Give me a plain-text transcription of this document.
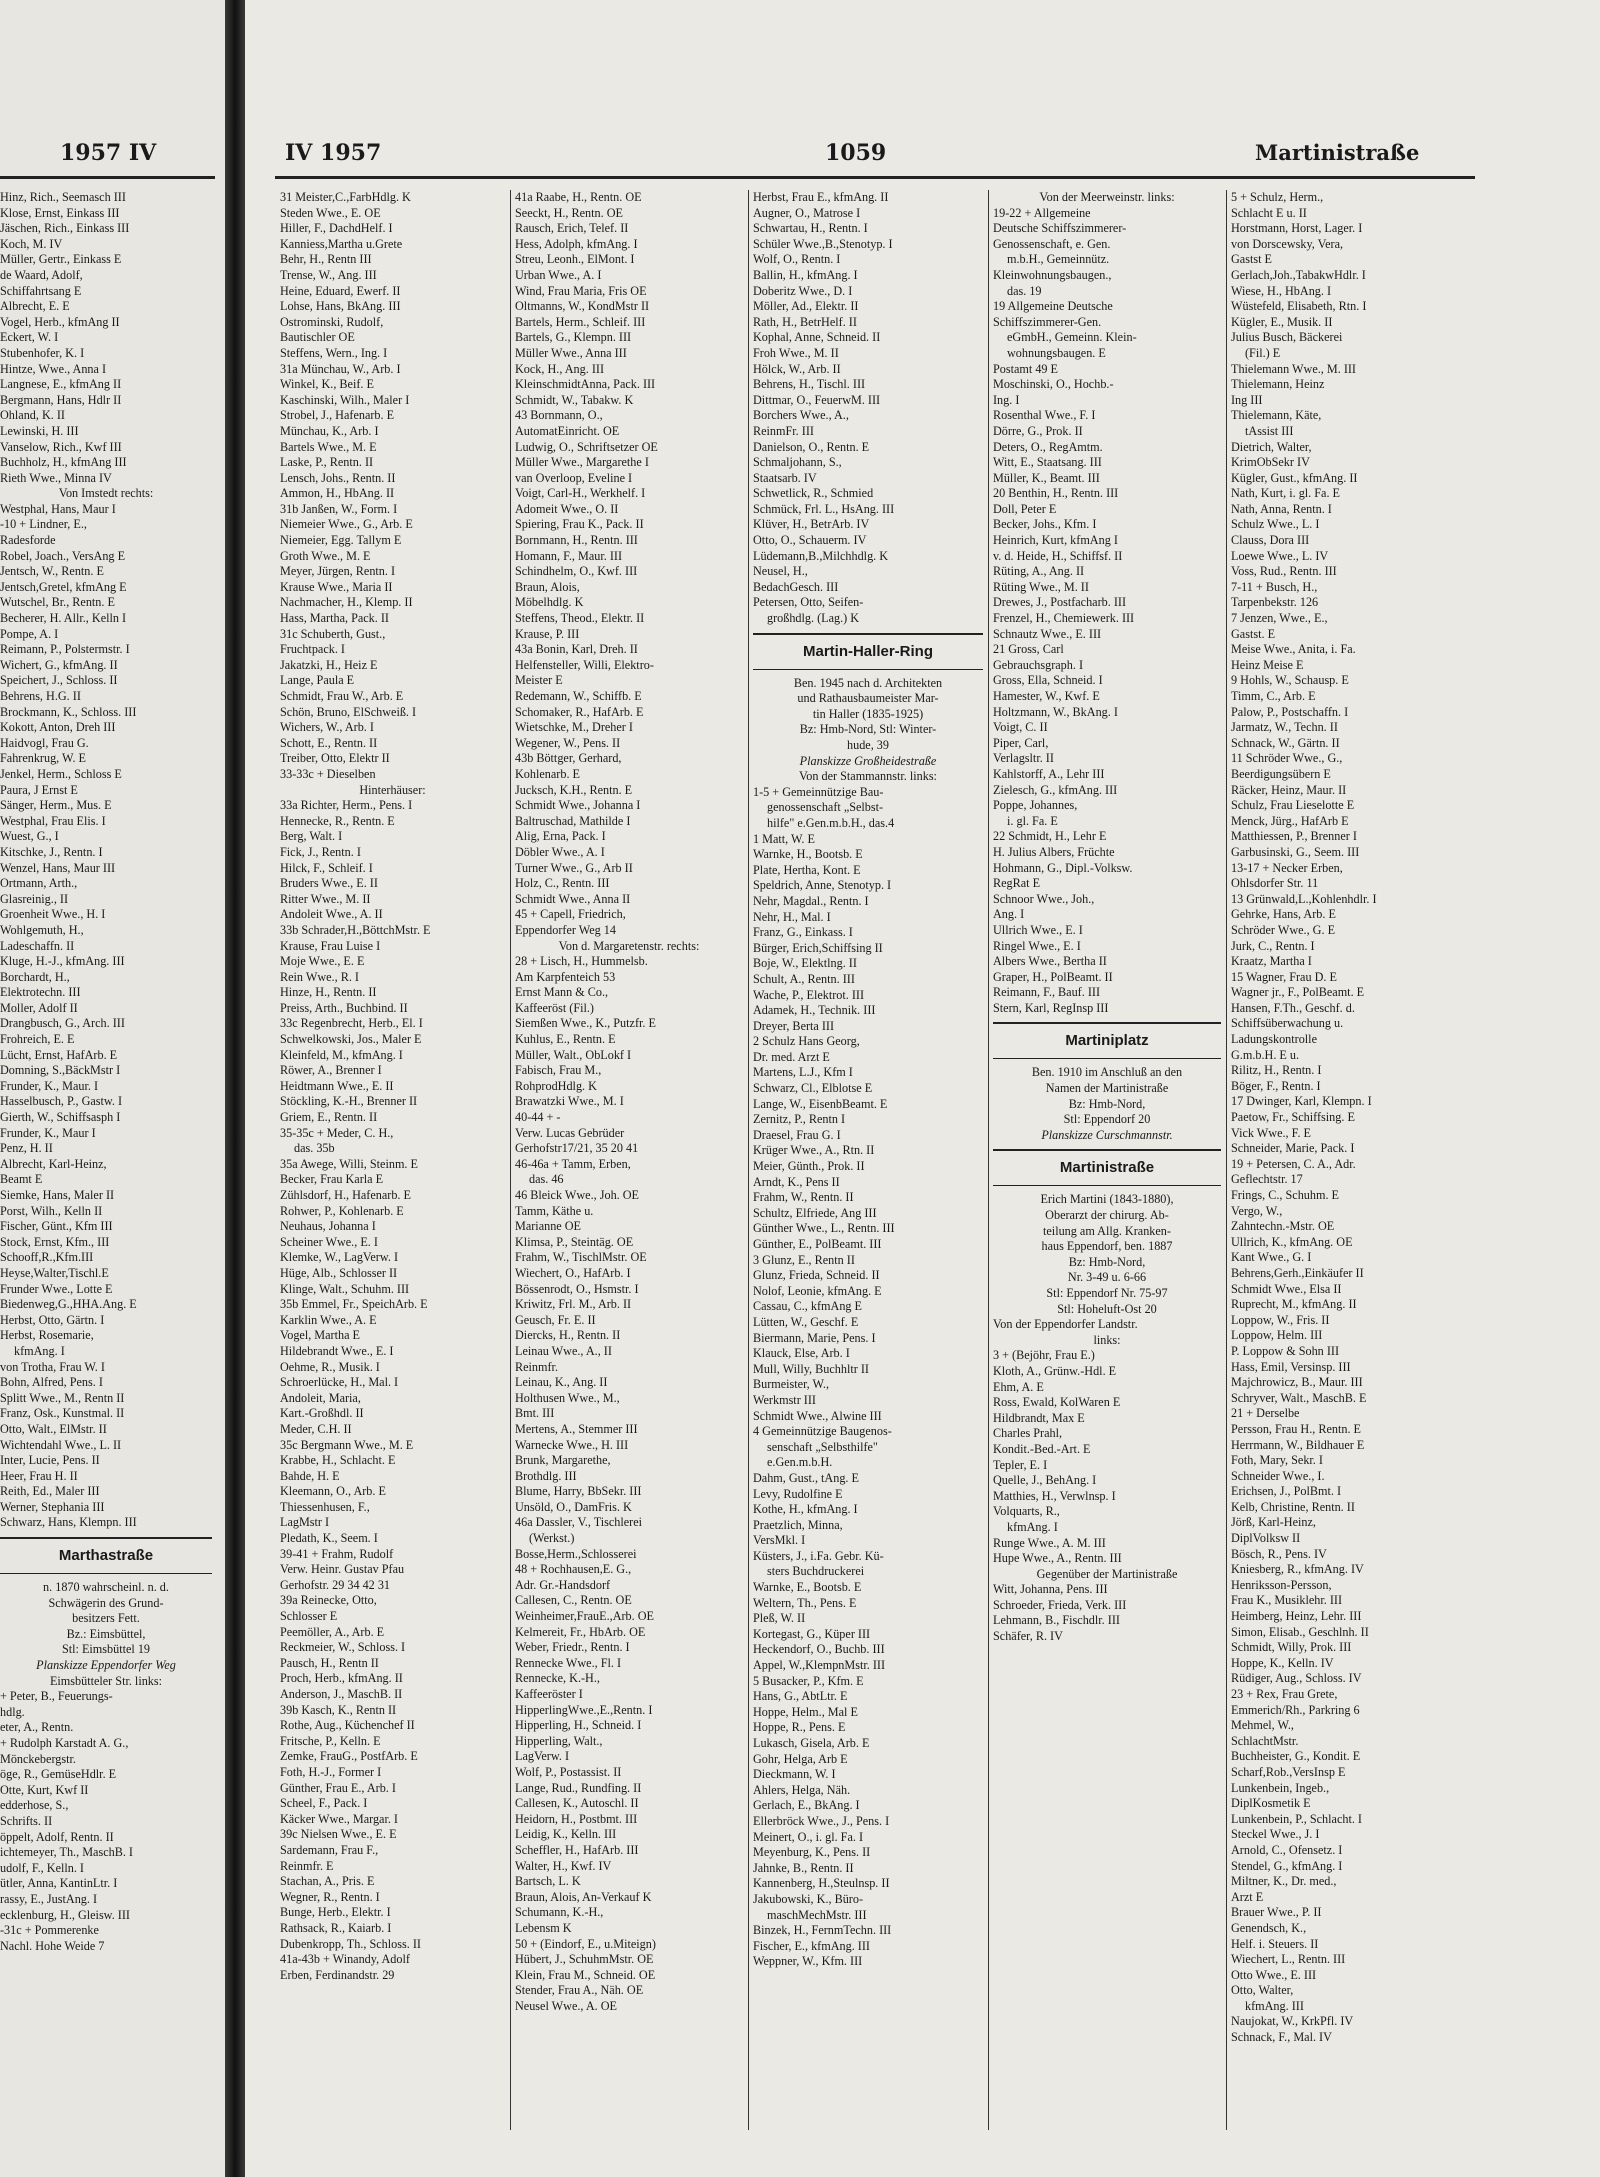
1957 IV
Hinz, Rich., Seemasch III
Klose, Ernst, Einkass III
Jäschen, Rich., Einkass III
Koch, M. IV
Müller, Gertr., Einkass E
de Waard, Adolf,
Schiffahrtsang E
Albrecht, E. E
Vogel, Herb., kfmAng II
Eckert, W. I
Stubenhofer, K. I
Hintze, Wwe., Anna I
Langnese, E., kfmAng II
Bergmann, Hans, Hdlr II
Ohland, K. II
Lewinski, H. III
Vanselow, Rich., Kwf III
Buchholz, H., kfmAng III
Rieth Wwe., Minna IV
Von Imstedt rechts:
Westphal, Hans, Maur I
-10 + Lindner, E.,
Radesforde
Robel, Joach., VersAng E
Jentsch, W., Rentn. E
Jentsch,Gretel, kfmAng E
Wutschel, Br., Rentn. E
Becherer, H. Allr., Kelln I
Pompe, A. I
Reimann, P., Polstermstr. I
Wichert, G., kfmAng. II
Speichert, J., Schloss. II
Behrens, H.G. II
Brockmann, K., Schloss. III
Kokott, Anton, Dreh III
Haidvogl, Frau G.
Fahrenkrug, W. E
Jenkel, Herm., Schloss E
Paura, J Ernst E
Sänger, Herm., Mus. E
Westphal, Frau Elis. I
Wuest, G., I
Kitschke, J., Rentn. I
Wenzel, Hans, Maur III
Ortmann, Arth.,
Glasreinig., II
Groenheit Wwe., H. I
Wohlgemuth, H.,
Ladeschaffn. II
Kluge, H.-J., kfmAng. III
Borchardt, H.,
Elektrotechn. III
Moller, Adolf II
Drangbusch, G., Arch. III
Frohreich, E. E
Lücht, Ernst, HafArb. E
Domning, S.,BäckMstr I
Frunder, K., Maur. I
Hasselbusch, P., Gastw. I
Gierth, W., Schiffsasph I
Frunder, K., Maur I
Penz, H. II
Albrecht, Karl-Heinz,
Beamt E
Siemke, Hans, Maler II
Porst, Wilh., Kelln II
Fischer, Günt., Kfm III
Stock, Ernst, Kfm., III
Schooff,R.,Kfm.III
Heyse,Walter,Tischl.E
Frunder Wwe., Lotte E
Biedenweg,G.,HHA.Ang. E
Herbst, Otto, Gärtn. I
Herbst, Rosemarie,
kfmAng. I
von Trotha, Frau W. I
Bohn, Alfred, Pens. I
Splitt Wwe., M., Rentn II
Franz, Osk., Kunstmal. II
Otto, Walt., ElMstr. II
Wichtendahl Wwe., L. II
Inter, Lucie, Pens. II
Heer, Frau H. II
Reith, Ed., Maler III
Werner, Stephania III
Schwarz, Hans, Klempn. III
Marthastraße
n. 1870 wahrscheinl. n. d.
Schwägerin des Grund-
besitzers Fett.
Bz.: Eimsbüttel,
Stl: Eimsbüttel 19
Planskizze Eppendorfer Weg
Eimsbütteler Str. links:
+ Peter, B., Feuerungs-
hdlg.
eter, A., Rentn.
+ Rudolph Karstadt A. G.,
Mönckebergstr.
öge, R., GemüseHdlr. E
Otte, Kurt, Kwf II
edderhose, S.,
Schrifts. II
öppelt, Adolf, Rentn. II
ichtemeyer, Th., MaschB. I
udolf, F., Kelln. I
ütler, Anna, KantinLtr. I
rassy, E., JustAng. I
ecklenburg, H., Gleisw. III
-31c + Pommerenke
Nachl. Hohe Weide 7
IV 1957	1059	Martinistraße
31 Meister,C.,FarbHdlg. K
Steden Wwe., E. OE
Hiller, F., DachdHelf. I
Kanniess,Martha u.Grete
Behr, H., Rentn III
Trense, W., Ang. III
Heine, Eduard, Ewerf. II
Lohse, Hans, BkAng. III
Ostrominski, Rudolf,
Bautischler OE
Steffens, Wern., Ing. I
31a Münchau, W., Arb. I
Winkel, K., Beif. E
Kaschinski, Wilh., Maler I
Strobel, J., Hafenarb. E
Münchau, K., Arb. I
Bartels Wwe., M. E
Laske, P., Rentn. II
Lensch, Johs., Rentn. II
Ammon, H., HbAng. II
31b Janßen, W., Form. I
Niemeier Wwe., G., Arb. E
Niemeier, Egg. Tallym E
Groth Wwe., M. E
Meyer, Jürgen, Rentn. I
Krause Wwe., Maria II
Nachmacher, H., Klemp. II
Hass, Martha, Pack. II
31c Schuberth, Gust.,
Fruchtpack. I
Jakatzki, H., Heiz E
Lange, Paula E
Schmidt, Frau W., Arb. E
Schön, Bruno, ElSchweiß. I
Wichers, W., Arb. I
Schott, E., Rentn. II
Treiber, Otto, Elektr II
33-33c + Dieselben
Hinterhäuser:
33a Richter, Herm., Pens. I
Hennecke, R., Rentn. E
Berg, Walt. I
Fick, J., Rentn. I
Hilck, F., Schleif. I
Bruders Wwe., E. II
Ritter Wwe., M. II
Andoleit Wwe., A. II
33b Schrader,H.,BöttchMstr. E
Krause, Frau Luise I
Moje Wwe., E. E
Rein Wwe., R. I
Hinze, H., Rentn. II
Preiss, Arth., Buchbind. II
33c Regenbrecht, Herb., El. I
Schwelkowski, Jos., Maler E
Kleinfeld, M., kfmAng. I
Röwer, A., Brenner I
Heidtmann Wwe., E. II
Stöckling, K.-H., Brenner II
Griem, E., Rentn. II
35-35c + Meder, C. H.,
das. 35b
35a Awege, Willi, Steinm. E
Becker, Frau Karla E
Zühlsdorf, H., Hafenarb. E
Rohwer, P., Kohlenarb. E
Neuhaus, Johanna I
Scheiner Wwe., E. I
Klemke, W., LagVerw. I
Hüge, Alb., Schlosser II
Klinge, Walt., Schuhm. III
35b Emmel, Fr., SpeichArb. E
Karklin Wwe., A. E
Vogel, Martha E
Hildebrandt Wwe., E. I
Oehme, R., Musik. I
Schroerlücke, H., Mal. I
Andoleit, Maria,
Kart.-Großhdl. II
Meder, C.H. II
35c Bergmann Wwe., M. E
Krabbe, H., Schlacht. E
Bahde, H. E
Kleemann, O., Arb. E
Thiessenhusen, F.,
LagMstr I
Pledath, K., Seem. I
39-41 + Frahm, Rudolf
Verw. Heinr. Gustav Pfau
Gerhofstr. 29 34 42 31
39a Reinecke, Otto,
Schlosser E
Peemöller, A., Arb. E
Reckmeier, W., Schloss. I
Pausch, H., Rentn II
Proch, Herb., kfmAng. II
Anderson, J., MaschB. II
39b Kasch, K., Rentn II
Rothe, Aug., Küchenchef II
Fritsche, P., Kelln. E
Zemke, FrauG., PostfArb. E
Foth, H.-J., Former I
Günther, Frau E., Arb. I
Scheel, F., Pack. I
Käcker Wwe., Margar. I
39c Nielsen Wwe., E. E
Sardemann, Frau F.,
Reinmfr. E
Stachan, A., Pris. E
Wegner, R., Rentn. I
Bunge, Herb., Elektr. I
Rathsack, R., Kaiarb. I
Dubenkropp, Th., Schloss. II
41a-43b + Winandy, Adolf
Erben, Ferdinandstr. 29
41a Raabe, H., Rentn. OE
Seeckt, H., Rentn. OE
Rausch, Erich, Telef. II
Hess, Adolph, kfmAng. I
Streu, Leonh., ElMont. I
Urban Wwe., A. I
Wind, Frau Maria, Fris OE
Oltmanns, W., KondMstr II
Bartels, Herm., Schleif. III
Bartels, G., Klempn. III
Müller Wwe., Anna III
Kock, H., Ang. III
KleinschmidtAnna, Pack. III
Schmidt, W., Tabakw. K
43 Bornmann, O.,
AutomatEinricht. OE
Ludwig, O., Schriftsetzer OE
Müller Wwe., Margarethe I
van Overloop, Eveline I
Voigt, Carl-H., Werkhelf. I
Adomeit Wwe., O. II
Spiering, Frau K., Pack. II
Bornmann, H., Rentn. III
Homann, F., Maur. III
Schindhelm, O., Kwf. III
Braun, Alois,
Möbelhdlg. K
Steffens, Theod., Elektr. II
Krause, P. III
43a Bonin, Karl, Dreh. II
Helfensteller, Willi, Elektro-
Meister E
Redemann, W., Schiffb. E
Schomaker, R., HafArb. E
Wietschke, M., Dreher I
Wegener, W., Pens. II
43b Böttger, Gerhard,
Kohlenarb. E
Jucksch, K.H., Rentn. E
Schmidt Wwe., Johanna I
Baltruschad, Mathilde I
Alig, Erna, Pack. I
Döbler Wwe., A. I
Turner Wwe., G., Arb II
Holz, C., Rentn. III
Schmidt Wwe., Anna II
45 + Capell, Friedrich,
Eppendorfer Weg 14
Von d. Margaretenstr. rechts:
28 + Lisch, H., Hummelsb.
Am Karpfenteich 53
Ernst Mann & Co.,
Kaffeeröst (Fil.)
Siemßen Wwe., K., Putzfr. E
Kuhlus, E., Rentn. E
Müller, Walt., ObLokf I
Fabisch, Frau M.,
RohprodHdlg. K
Brawatzki Wwe., M. I
40-44 + -
Verw. Lucas Gebrüder
Gerhofstr17/21, 35 20 41
46-46a + Tamm, Erben,
das. 46
46 Bleick Wwe., Joh. OE
Tamm, Käthe u.
Marianne OE
Klimsa, P., Steintäg. OE
Frahm, W., TischlMstr. OE
Wiechert, O., HafArb. I
Bössenrodt, O., Hsmstr. I
Kriwitz, Frl. M., Arb. II
Geusch, Fr. E. II
Diercks, H., Rentn. II
Leinau Wwe., A., II
Reinmfr.
Leinau, K., Ang. II
Holthusen Wwe., M.,
Bmt. III
Mertens, A., Stemmer III
Warnecke Wwe., H. III
Brunk, Margarethe,
Brothdlg. III
Blume, Harry, BbSekr. III
Unsöld, O., DamFris. K
46a Dassler, V., Tischlerei
(Werkst.)
Bosse,Herm.,Schlosserei
48 + Rochhausen,E. G.,
Adr. Gr.-Handsdorf
Callesen, C., Rentn. OE
Weinheimer,FrauE.,Arb. OE
Kelmereit, Fr., HbArb. OE
Weber, Friedr., Rentn. I
Rennecke Wwe., Fl. I
Rennecke, K.-H.,
Kaffeeröster I
HipperlingWwe.,E.,Rentn. I
Hipperling, H., Schneid. I
Hipperling, Walt.,
LagVerw. I
Wolf, P., Postassist. II
Lange, Rud., Rundfing. II
Callesen, K., Autoschl. II
Heidorn, H., Postbmt. III
Leidig, K., Kelln. III
Scheffler, H., HafArb. III
Walter, H., Kwf. IV
Bartsch, L. K
Braun, Alois, An-Verkauf K
Schumann, K.-H.,
Lebensm K
50 + (Eindorf, E., u.Miteign)
Hübert, J., SchuhmMstr. OE
Klein, Frau M., Schneid. OE
Stender, Frau A., Näh. OE
Neusel Wwe., A. OE
Herbst, Frau E., kfmAng. II
Augner, O., Matrose I
Schwartau, H., Rentn. I
Schüler Wwe.,B.,Stenotyp. I
Wolf, O., Rentn. I
Ballin, H., kfmAng. I
Doberitz Wwe., D. I
Möller, Ad., Elektr. II
Rath, H., BetrHelf. II
Kophal, Anne, Schneid. II
Froh Wwe., M. II
Hölck, W., Arb. II
Behrens, H., Tischl. III
Dittmar, O., FeuerwM. III
Borchers Wwe., A.,
ReinmFr. III
Danielson, O., Rentn. E
Schmaljohann, S.,
Staatsarb. IV
Schwetlick, R., Schmied
Schmück, Frl. L., HsAng. III
Klüver, H., BetrArb. IV
Otto, O., Schauerm. IV
Lüdemann,B.,Milchhdlg. K
Neusel, H.,
BedachGesch. III
Petersen, Otto, Seifen-
großhdlg. (Lag.) K
Martin-Haller-Ring
Ben. 1945 nach d. Architekten
und Rathausbaumeister Mar-
tin Haller (1835-1925)
Bz: Hmb-Nord, Stl: Winter-
hude, 39
Planskizze Großheidestraße
Von der Stammannstr. links:
1-5 + Gemeinnützige Bau-
genossenschaft „Selbst-
hilfe" e.Gen.m.b.H., das.4
1 Matt, W. E
Warnke, H., Bootsb. E
Plate, Hertha, Kont. E
Speldrich, Anne, Stenotyp. I
Nehr, Magdal., Rentn. I
Nehr, H., Mal. I
Franz, G., Einkass. I
Bürger, Erich,Schiffsing II
Boje, W., Elektlng. II
Schult, A., Rentn. III
Wache, P., Elektrot. III
Adamek, H., Technik. III
Dreyer, Berta III
2 Schulz Hans Georg,
Dr. med. Arzt E
Martens, L.J., Kfm I
Schwarz, Cl., Elblotse E
Lange, W., EisenbBeamt. E
Zernitz, P., Rentn I
Draesel, Frau G. I
Krüger Wwe., A., Rtn. II
Meier, Günth., Prok. II
Arndt, K., Pens II
Frahm, W., Rentn. II
Schultz, Elfriede, Ang III
Günther Wwe., L., Rentn. III
Günther, E., PolBeamt. III
3 Glunz, E., Rentn II
Glunz, Frieda, Schneid. II
Nolof, Leonie, kfmAng. E
Cassau, C., kfmAng E
Lütten, W., Geschf. E
Biermann, Marie, Pens. I
Klauck, Else, Arb. I
Mull, Willy, Buchhltr II
Burmeister, W.,
Werkmstr III
Schmidt Wwe., Alwine III
4 Gemeinnützige Baugenos-
senschaft „Selbsthilfe"
e.Gen.m.b.H.
Dahm, Gust., tAng. E
Levy, Rudolfine E
Kothe, H., kfmAng. I
Praetzlich, Minna,
VersMkl. I
Küsters, J., i.Fa. Gebr. Kü-
sters Buchdruckerei
Warnke, E., Bootsb. E
Weltern, Th., Pens. E
Pleß, W. II
Kortegast, G., Küper III
Heckendorf, O., Buchb. III
Appel, W.,KlempnMstr. III
5 Busacker, P., Kfm. E
Hans, G., AbtLtr. E
Hoppe, Helm., Mal E
Hoppe, R., Pens. E
Lukasch, Gisela, Arb. E
Gohr, Helga, Arb E
Dieckmann, W. I
Ahlers, Helga, Näh.
Gerlach, E., BkAng. I
Ellerbröck Wwe., J., Pens. I
Meinert, O., i. gl. Fa. I
Meyenburg, K., Pens. II
Jahnke, B., Rentn. II
Kannenberg, H.,Steulnsp. II
Jakubowski, K., Büro-
maschMechMstr. III
Binzek, H., FernmTechn. III
Fischer, E., kfmAng. III
Weppner, W., Kfm. III
Von der Meerweinstr. links:
19-22 + Allgemeine
Deutsche Schiffszimmerer-
Genossenschaft, e. Gen.
m.b.H., Gemeinnütz.
Kleinwohnungsbaugen.,
das. 19
19 Allgemeine Deutsche
Schiffszimmerer-Gen.
eGmbH., Gemeinn. Klein-
wohnungsbaugen. E
Postamt 49 E
Moschinski, O., Hochb.-
Ing. I
Rosenthal Wwe., F. I
Dörre, G., Prok. II
Deters, O., RegAmtm.
Witt, E., Staatsang. III
Müller, K., Beamt. III
20 Benthin, H., Rentn. III
Doll, Peter E
Becker, Johs., Kfm. I
Heinrich, Kurt, kfmAng I
v. d. Heide, H., Schiffsf. II
Rüting, A., Ang. II
Rüting Wwe., M. II
Drewes, J., Postfacharb. III
Frenzel, H., Chemiewerk. III
Schnautz Wwe., E. III
21 Gross, Carl
Gebrauchsgraph. I
Gross, Ella, Schneid. I
Hamester, W., Kwf. E
Holtzmann, W., BkAng. I
Voigt, C. II
Piper, Carl,
Verlagsltr. II
Kahlstorff, A., Lehr III
Zielesch, G., kfmAng. III
Poppe, Johannes,
i. gl. Fa. E
22 Schmidt, H., Lehr E
H. Julius Albers, Früchte
Hohmann, G., Dipl.-Volksw.
RegRat E
Schnoor Wwe., Joh.,
Ang. I
Ullrich Wwe., E. I
Ringel Wwe., E. I
Albers Wwe., Bertha II
Graper, H., PolBeamt. II
Reimann, F., Bauf. III
Stern, Karl, RegInsp III
Martiniplatz
Ben. 1910 im Anschluß an den
Namen der Martinistraße
Bz: Hmb-Nord,
Stl: Eppendorf 20
Planskizze Curschmannstr.
Martinistraße
Erich Martini (1843-1880),
Oberarzt der chirurg. Ab-
teilung am Allg. Kranken-
haus Eppendorf, ben. 1887
Bz: Hmb-Nord,
Nr. 3-49 u. 6-66
Stl: Eppendorf Nr. 75-97
Stl: Hoheluft-Ost 20
Von der Eppendorfer Landstr.
links:
3 + (Bejöhr, Frau E.)
Kloth, A., Grünw.-Hdl. E
Ehm, A. E
Ross, Ewald, KolWaren E
Hildbrandt, Max E
Charles Prahl,
Kondit.-Bed.-Art. E
Tepler, E. I
Quelle, J., BehAng. I
Matthies, H., Verwlnsp. I
Volquarts, R.,
kfmAng. I
Runge Wwe., A. M. III
Hupe Wwe., A., Rentn. III
Gegenüber der Martinistraße
Witt, Johanna, Pens. III
Schroeder, Frieda, Verk. III
Lehmann, B., Fischdlr. III
Schäfer, R. IV
5 + Schulz, Herm.,
Schlacht E u. II
Horstmann, Horst, Lager. I
von Dorscewsky, Vera,
Gastst E
Gerlach,Joh.,TabakwHdlr. I
Wiese, H., HbAng. I
Wüstefeld, Elisabeth, Rtn. I
Kügler, E., Musik. II
Julius Busch, Bäckerei
(Fil.) E
Thielemann Wwe., M. III
Thielemann, Heinz
Ing III
Thielemann, Käte,
tAssist III
Dietrich, Walter,
KrimObSekr IV
Kügler, Gust., kfmAng. II
Nath, Kurt, i. gl. Fa. E
Nath, Anna, Rentn. I
Schulz Wwe., L. I
Clauss, Dora III
Loewe Wwe., L. IV
Voss, Rud., Rentn. III
7-11 + Busch, H.,
Tarpenbekstr. 126
7 Jenzen, Wwe., E.,
Gastst. E
Meise Wwe., Anita, i. Fa.
Heinz Meise E
9 Hohls, W., Schausp. E
Timm, C., Arb. E
Palow, P., Postschaffn. I
Jarmatz, W., Techn. II
Schnack, W., Gärtn. II
11 Schröder Wwe., G.,
Beerdigungsübern E
Räcker, Heinz, Maur. II
Schulz, Frau Lieselotte E
Menck, Jürg., HafArb E
Matthiessen, P., Brenner I
Garbusinski, G., Seem. III
13-17 + Necker Erben,
Ohlsdorfer Str. 11
13 Grünwald,L.,Kohlenhdlr. I
Gehrke, Hans, Arb. E
Schröder Wwe., G. E
Jurk, C., Rentn. I
Kraatz, Martha I
15 Wagner, Frau D. E
Wagner jr., F., PolBeamt. E
Hansen, F.Th., Geschf. d.
Schiffsüberwachung u.
Ladungskontrolle
G.m.b.H. E u.
Rilitz, H., Rentn. I
Böger, F., Rentn. I
17 Dwinger, Karl, Klempn. I
Paetow, Fr., Schiffsing. E
Vick Wwe., F. E
Schneider, Marie, Pack. I
19 + Petersen, C. A., Adr.
Geflechtstr. 17
Frings, C., Schuhm. E
Vergo, W.,
Zahntechn.-Mstr. OE
Ullrich, K., kfmAng. OE
Kant Wwe., G. I
Behrens,Gerh.,Einkäufer II
Schmidt Wwe., Elsa II
Ruprecht, M., kfmAng. II
Loppow, W., Fris. II
Loppow, Helm. III
P. Loppow & Sohn III
Hass, Emil, Versinsp. III
Majchrowicz, B., Maur. III
Schryver, Walt., MaschB. E
21 + Derselbe
Persson, Frau H., Rentn. E
Herrmann, W., Bildhauer E
Foth, Mary, Sekr. I
Schneider Wwe., I.
Erichsen, J., PolBmt. I
Kelb, Christine, Rentn. II
Jörß, Karl-Heinz,
DiplVolksw II
Bösch, R., Pens. IV
Kniesberg, R., kfmAng. IV
Henriksson-Persson,
Frau K., Musiklehr. III
Heimberg, Heinz, Lehr. III
Simon, Elisab., Geschlnh. II
Schmidt, Willy, Prok. III
Hoppe, K., Kelln. IV
Rüdiger, Aug., Schloss. IV
23 + Rex, Frau Grete,
Emmerich/Rh., Parkring 6
Mehmel, W.,
SchlachtMstr.
Buchheister, G., Kondit. E
Scharf,Rob.,VersInsp E
Lunkenbein, Ingeb.,
DiplKosmetik E
Lunkenbein, P., Schlacht. I
Steckel Wwe., J. I
Arnold, C., Ofensetz. I
Stendel, G., kfmAng. I
Miltner, K., Dr. med.,
Arzt E
Brauer Wwe., P. II
Genendsch, K.,
Helf. i. Steuers. II
Wiechert, L., Rentn. III
Otto Wwe., E. III
Otto, Walter,
kfmAng. III
Naujokat, W., KrkPfl. IV
Schnack, F., Mal. IV
